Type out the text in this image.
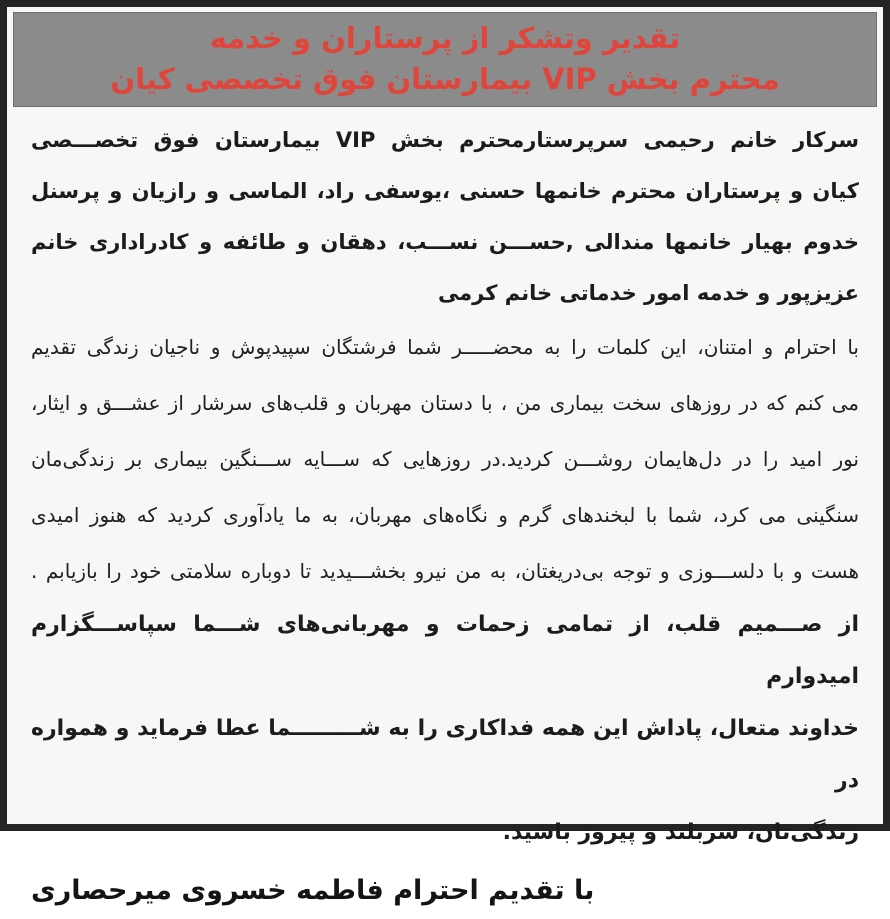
تقدیر وتشکر از پرستاران و خدمه
محترم بخش VIP بیمارستان فوق تخصصی کیان
سرکار خانم رحیمی سرپرستارمحترم بخش VIP بیمارستان فوق تخصـــصی
کیان و پرستاران محترم خانمها حسنی ،یوسفی راد، الماسی و رازیان و پرسنل
خدوم بهیار خانمها مندالی ,حســـن نســـب، دهقان و طائفه و کادراداری خانم
عزیزپور و خدمه امور خدماتی خانم کرمی
با احترام و امتنان، این کلمات را به محضـــــر شما فرشتگان سپیدپوش و ناجیان زندگی تقدیم
می کنم که در روزهای سخت بیماری من ، با دستان مهربان و قلب‌های سرشار از عشـــق و ایثار،
نور امید را در دل‌هایمان روشـــن کردید.در روزهایی که ســـایه ســـنگین بیماری بر زندگی‌مان
سنگینی می کرد، شما با لبخندهای گرم و نگاه‌های مهربان، به ما یادآوری کردید که هنوز امیدی
هست و با دلســـوزی و توجه بی‌دریغتان، به من نیرو بخشـــیدید تا دوباره سلامتی خود را بازیابم .
از صـــمیم قلب، از تمامی زحمات و مهربانی‌های شـــما سپاســـگزارم امیدوارم
خداوند متعال، پاداش این همه فداکاری را به شـــــــــما عطا فرماید و همواره در
زندگی‌تان، سربلند و پیروز باشید.
با تقدیم احترام فاطمه خسروی میرحصاری
